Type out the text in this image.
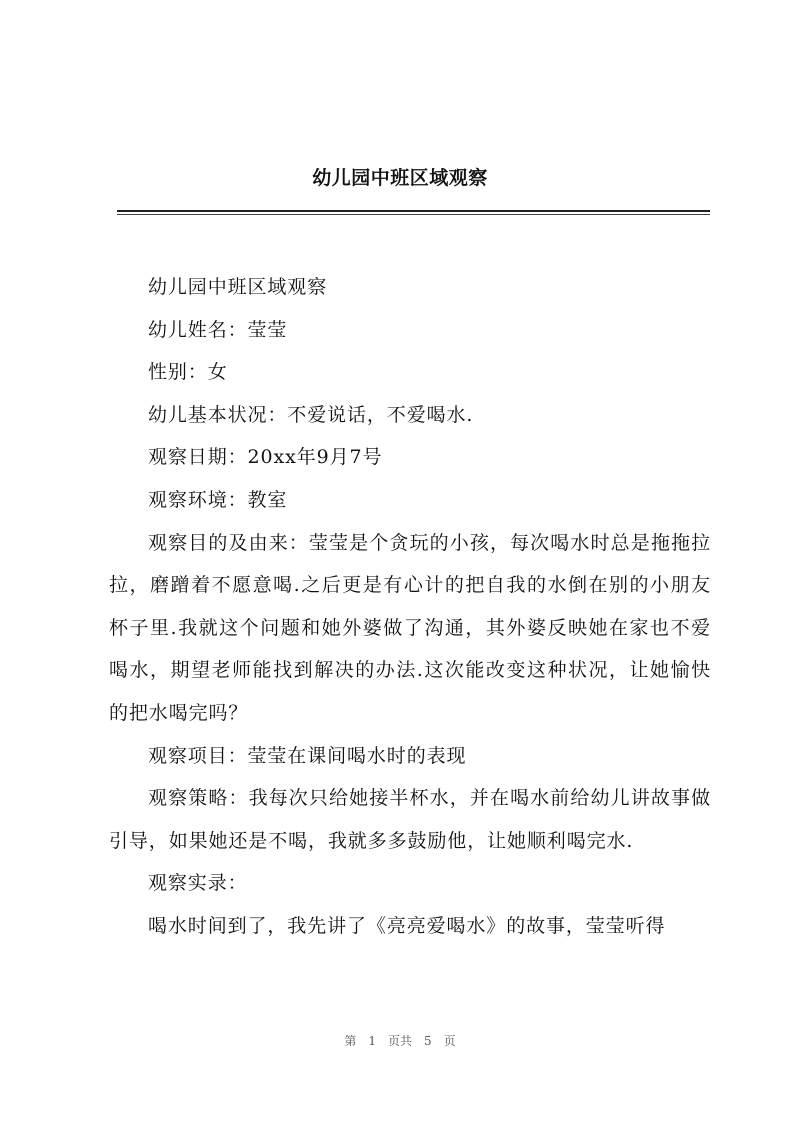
幼儿园中班区域观察

幼儿园中班区域观察

幼儿姓名：莹莹

性别：女

幼儿基本状况：不爱说话，不爱喝水.

观察日期：20xx年9月7号

观察环境：教室

观察目的及由来：莹莹是个贪玩的小孩，每次喝水时总是拖拖拉拉，磨蹭着不愿意喝.之后更是有心计的把自我的水倒在别的小朋友杯子里.我就这个问题和她外婆做了沟通，其外婆反映她在家也不爱喝水，期望老师能找到解决的办法.这次能改变这种状况，让她愉快的把水喝完吗？

观察项目：莹莹在课间喝水时的表现

观察策略：我每次只给她接半杯水，并在喝水前给幼儿讲故事做引导，如果她还是不喝，我就多多鼓励他，让她顺利喝完水.

观察实录：

喝水时间到了，我先讲了《亮亮爱喝水》的故事，莹莹听得

第 1 页共 5 页
